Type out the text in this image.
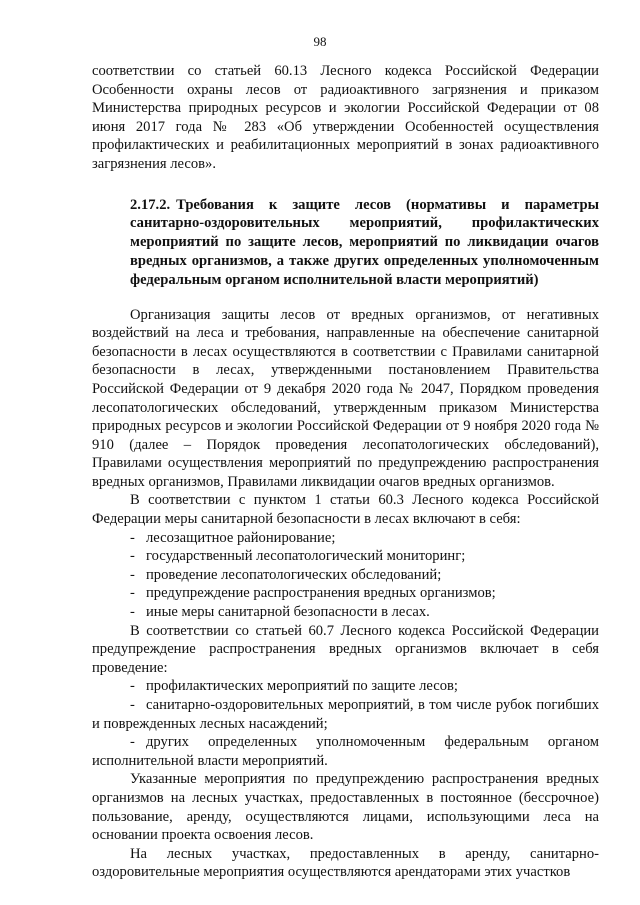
98

соответствии со статьей 60.13 Лесного кодекса Российской Федерации Особенности охраны лесов от радиоактивного загрязнения и приказом Министерства природных ресурсов и экологии Российской Федерации от 08 июня 2017 года № 283 «Об утверждении Особенностей осуществления профилактических и реабилитационных мероприятий в зонах радиоактивного загрязнения лесов».

2.17.2. Требования к защите лесов (нормативы и параметры санитарно-оздоровительных мероприятий, профилактических мероприятий по защите лесов, мероприятий по ликвидации очагов вредных организмов, а также других определенных уполномоченным федеральным органом исполнительной власти мероприятий)

Организация защиты лесов от вредных организмов, от негативных воздействий на леса и требования, направленные на обеспечение санитарной безопасности в лесах осуществляются в соответствии с Правилами санитарной безопасности в лесах, утвержденными постановлением Правительства Российской Федерации от 9 декабря 2020 года № 2047, Порядком проведения лесопатологических обследований, утвержденным приказом Министерства природных ресурсов и экологии Российской Федерации от 9 ноября 2020 года № 910 (далее – Порядок проведения лесопатологических обследований), Правилами осуществления мероприятий по предупреждению распространения вредных организмов, Правилами ликвидации очагов вредных организмов.

В соответствии с пунктом 1 статьи 60.3 Лесного кодекса Российской Федерации меры санитарной безопасности в лесах включают в себя:

- лесозащитное районирование;
- государственный лесопатологический мониторинг;
- проведение лесопатологических обследований;
- предупреждение распространения вредных организмов;
- иные меры санитарной безопасности в лесах.

В соответствии со статьей 60.7 Лесного кодекса Российской Федерации предупреждение распространения вредных организмов включает в себя проведение:

- профилактических мероприятий по защите лесов;
- санитарно-оздоровительных мероприятий, в том числе рубок погибших и поврежденных лесных насаждений;
- других определенных уполномоченным федеральным органом исполнительной власти мероприятий.

Указанные мероприятия по предупреждению распространения вредных организмов на лесных участках, предоставленных в постоянное (бессрочное) пользование, аренду, осуществляются лицами, использующими леса на основании проекта освоения лесов.

На лесных участках, предоставленных в аренду, санитарно-оздоровительные мероприятия осуществляются арендаторами этих участков
